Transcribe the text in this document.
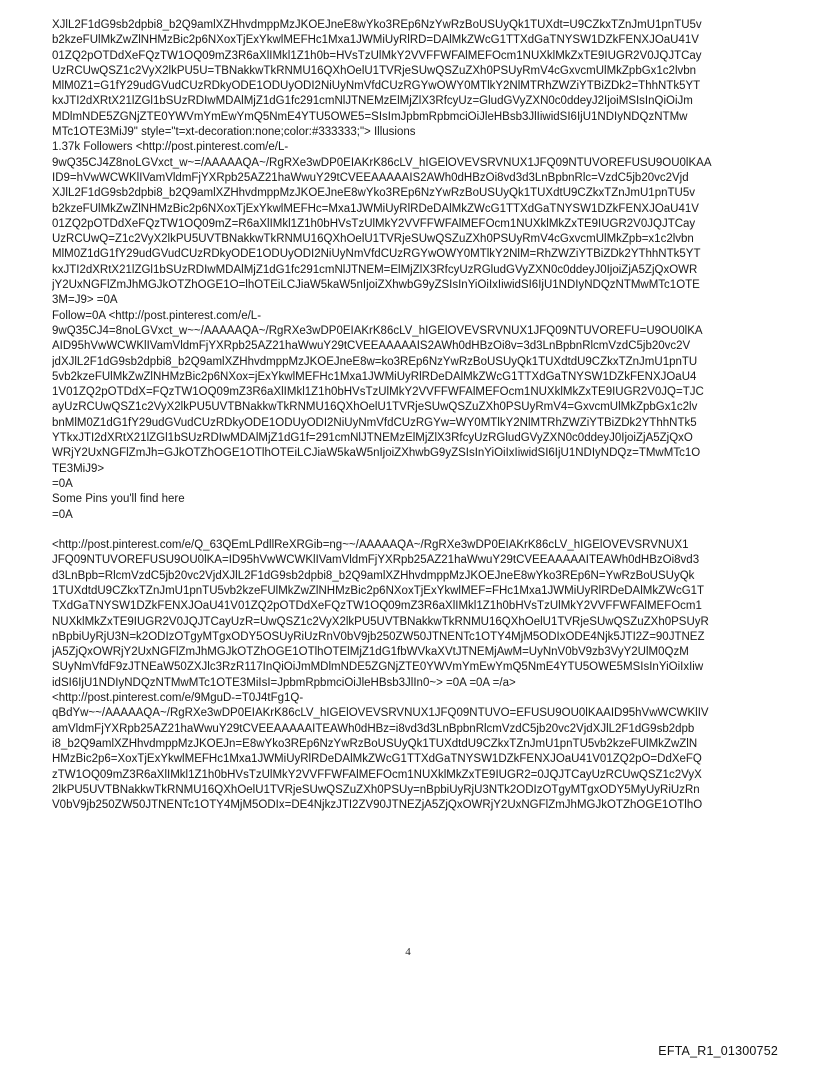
XJlL2F1dG9sb2dpbi8_b2Q9amlXZHhvdmppMzJKOEJneE8wYko3REp6NzYwRzBoUSUyQk1TUXdt=U9CZkxTZnJmU1pnTU5v
b2kzeFUlMkZwZlNHMzBic2p6NXoxTjExYkwlMEFHc1Mxa1JWMiUyRlRD=DAlMkZWcG1TTXdGaTNYSW1DZkFENXJOaU41V
01ZQ2pOTDdXeFQzTW1OQ09mZ3R6aXlIMkl1Z1h0b=HVsTzUlMkY2VVFFWFAlMEFOcm1NUXklMkZxTE9IUGR2V0JQJTCay
UzRCUwQSZ1c2VyX2lkPU5U=TBNakkwTkRNMU16QXhOelU1TVRjeSUwQSZuZXh0PSUyRmV4cGxvcmUlMkZpbGx1c2lvbn
MlM0Z1=G1fY29udGVudCUzRDkyODE1ODUyODI2NiUyNmVfdCUzRGYwOWY0MTlkY2NlMTRhZWZiYTBiZDk2=ThhNTk5YT
kxJTI2dXRtX21lZGl1bSUzRDIwMDAlMjZ1dG1fc291cmNlJTNEMzElMjZlX3RfcyUz=GludGVyZXN0c0ddeyJ2IjoiMSIsInQiOiJm
MDlmNDE5ZGNjZTE0YWVmYmEwYmQ5NmE4YTU5OWE5=SIsImJpbmRpbmciOiJleHBsb3JlIiwidSI6IjU1NDIyNDQzNTMw
MTc1OTE3MiJ9" style="t=xt-decoration:none;color:#333333;"> Illusions
1.37k Followers <http://post.pinterest.com/e/L-
9wQ35CJ4Z8noLGVxct_w~=/AAAAAQA~/RgRXe3wDP0EIAKrK86cLV_hIGElOVEVSRVNUX1JFQ09NTUVOREFUSU9OU0lKAA
ID9=hVwWCWKlIVamVldmFjYXRpb25AZ21haWwuY29tCVEEAAAAAIS2AWh0dHBzOi8vd3d3LnBpbnRlc=VzdC5jb20vc2Vjd
XJlL2F1dG9sb2dpbi8_b2Q9amlXZHhvdmppMzJKOEJneE8wYko3REp6NzYwRzBoUSUyQk1TUXdtU9CZkxTZnJmU1pnTU5v
b2kzeFUlMkZwZlNHMzBic2p6NXoxTjExYkwlMEFHc=Mxa1JWMiUyRlRDeDAlMkZWcG1TTXdGaTNYSW1DZkFENXJOaU41V
01ZQ2pOTDdXeFQzTW1OQ09mZ=R6aXlIMkl1Z1h0bHVsTzUlMkY2VVFFWFAlMEFOcm1NUXklMkZxTE9IUGR2V0JQJTCay
UzRCUwQ=Z1c2VyX2lkPU5UVTBNakkwTkRNMU16QXhOelU1TVRjeSUwQSZuZXh0PSUyRmV4cGxvcmUlMkZpb=x1c2lvbn
MlM0Z1dG1fY29udGVudCUzRDkyODE1ODUyODI2NiUyNmVfdCUzRGYwOWY0MTlkY2NlM=RhZWZiYTBiZDk2YThhNTk5YT
kxJTI2dXRtX21lZGl1bSUzRDIwMDAlMjZ1dG1fc291cmNlJTNEM=ElMjZlX3RfcyUzRGludGVyZXN0c0ddeyJ0IjoiZjA5ZjQxOWR
jY2UxNGFlZmJhMGJkOTZhOGE1O=lhOTEiLCJiaW5kaW5nIjoiZXhwbG9yZSIsInYiOiIxIiwidSI6IjU1NDIyNDQzNTMwMTc1OTE
3M=J9> =0A
Follow=0A <http://post.pinterest.com/e/L-
9wQ35CJ4=8noLGVxct_w~~/AAAAAQA~/RgRXe3wDP0EIAKrK86cLV_hIGElOVEVSRVNUX1JFQ09NTUVOREFU=U9OU0lKA
AID95hVwWCWKlIVamVldmFjYXRpb25AZ21haWwuY29tCVEEAAAAAIS2AWh0dHBzOi8v=3d3LnBpbnRlcmVzdC5jb20vc2V
jdXJlL2F1dG9sb2dpbi8_b2Q9amlXZHhvdmppMzJKOEJneE8w=ko3REp6NzYwRzBoUSUyQk1TUXdtdU9CZkxTZnJmU1pnTU
5vb2kzeFUlMkZwZlNHMzBic2p6NXox=jExYkwlMEFHc1Mxa1JWMiUyRlRDeDAlMkZWcG1TTXdGaTNYSW1DZkFENXJOaU4
1V01ZQ2pOTDdX=FQzTW1OQ09mZ3R6aXlIMkl1Z1h0bHVsTzUlMkY2VVFFWFAlMEFOcm1NUXklMkZxTE9IUGR2V0JQ=TJC
ayUzRCUwQSZ1c2VyX2lkPU5UVTBNakkwTkRNMU16QXhOelU1TVRjeSUwQSZuZXh0PSUyRmV4=GxvcmUlMkZpbGx1c2lv
bnMlM0Z1dG1fY29udGVudCUzRDkyODE1ODUyODI2NiUyNmVfdCUzRGYw=WY0MTlkY2NlMTRhZWZiYTBiZDk2YThhNTk5
YTkxJTI2dXRtX21lZGl1bSUzRDIwMDAlMjZ1dG1f=291cmNlJTNEMzElMjZlX3RfcyUzRGludGVyZXN0c0ddeyJ0IjoiZjA5ZjQxO
WRjY2UxNGFlZmJh=GJkOTZhOGE1OTlhOTEiLCJiaW5kaW5nIjoiZXhwbG9yZSIsInYiOiIxIiwidSI6IjU1NDIyNDQz=TMwMTc1O
TE3MiJ9>
=0A
Some Pins you'll find here
=0A
<http://post.pinterest.com/e/Q_63QEmLPdllReXRGib=ng~~/AAAAAQA~/RgRXe3wDP0EIAKrK86cLV_hIGElOVEVSRVNUX1
JFQ09NTUVOREFUSU9OU0lKA=ID95hVwWCWKlIVamVldmFjYXRpb25AZ21haWwuY29tCVEEAAAAAITEAWh0dHBzOi8vd3
d3LnBpb=RlcmVzdC5jb20vc2VjdXJlL2F1dG9sb2dpbi8_b2Q9amlXZHhvdmppMzJKOEJneE8wYko3REp6N=YwRzBoUSUyQk
1TUXdtdU9CZkxTZnJmU1pnTU5vb2kzeFUlMkZwZlNHMzBic2p6NXoxTjExYkwlMEF=FHc1Mxa1JWMiUyRlRDeDAlMkZWcG1T
TXdGaTNYSW1DZkFENXJOaU41V01ZQ2pOTDdXeFQzTW1OQ09mZ3R6aXlIMkl1Z1h0bHVsTzUlMkY2VVFFWFAlMEFOcm1
NUXklMkZxTE9IUGR2V0JQJTCayUzR=UwQSZ1c2VyX2lkPU5UVTBNakkwTkRNMU16QXhOelU1TVRjeSUwQSZuZXh0PSUyR
nBpbiUyRjU3N=k2ODIzOTgyMTgxODY5OSUyRiUzRnV0bV9jb250ZW50JTNENTc1OTY4MjM5ODIxODE4Njk5JTI2Z=90JTNEZ
jA5ZjQxOWRjY2UxNGFlZmJhMGJkOTZhOGE1OTlhOTElMjZ1dG1fbWVkaXVtJTNEMjAwM=UyNnV0bV9zb3VyY2UlM0QzM
SUyNmVfdF9zJTNEaW50ZXJlc3RzR117InQiOiJmMDlmNDE5ZGNjZTE0YWVmYmEwYmQ5NmE4YTU5OWE5MSIsInYiOiIxIiw
idSI6IjU1NDIyNDQzNTMwMTc1OTE3MiIsI=JpbmRpbmciOiJleHBsb3JlIn0~> =0A =0A =/a>
<http://post.pinterest.com/e/9MguD-=T0J4tFg1Q-
qBdYw~~/AAAAAQA~/RgRXe3wDP0EIAKrK86cLV_hIGElOVEVSRVNUX1JFQ09NTUVO=EFUSU9OU0lKAAID95hVwWCWKlIV
amVldmFjYXRpb25AZ21haWwuY29tCVEEAAAAAITEAWh0dHBz=i8vd3d3LnBpbnRlcmVzdC5jb20vc2VjdXJlL2F1dG9sb2dpb
i8_b2Q9amlXZHhvdmppMzJKOEJn=E8wYko3REp6NzYwRzBoUSUyQk1TUXdtdU9CZkxTZnJmU1pnTU5vb2kzeFUlMkZwZlN
HMzBic2p6=XoxTjExYkwlMEFHc1Mxa1JWMiUyRlRDeDAlMkZWcG1TTXdGaTNYSW1DZkFENXJOaU41V01ZQ2pO=DdXeFQ
zTW1OQ09mZ3R6aXlIMkl1Z1h0bHVsTzUlMkY2VVFFWFAlMEFOcm1NUXklMkZxTE9IUGR2=0JQJTCayUzRCUwQSZ1c2VyX
2lkPU5UVTBNakkwTkRNMU16QXhOelU1TVRjeSUwQSZuZXh0PSUy=nBpbiUyRjU3NTk2ODIzOTgyMTgxODY5MyUyRiUzRn
V0bV9jb250ZW50JTNENTc1OTY4MjM5ODIx=DE4NjkzJTI2ZV90JTNEZjA5ZjQxOWRjY2UxNGFlZmJhMGJkOTZhOGE1OTlhO
4
EFTA_R1_01300752
